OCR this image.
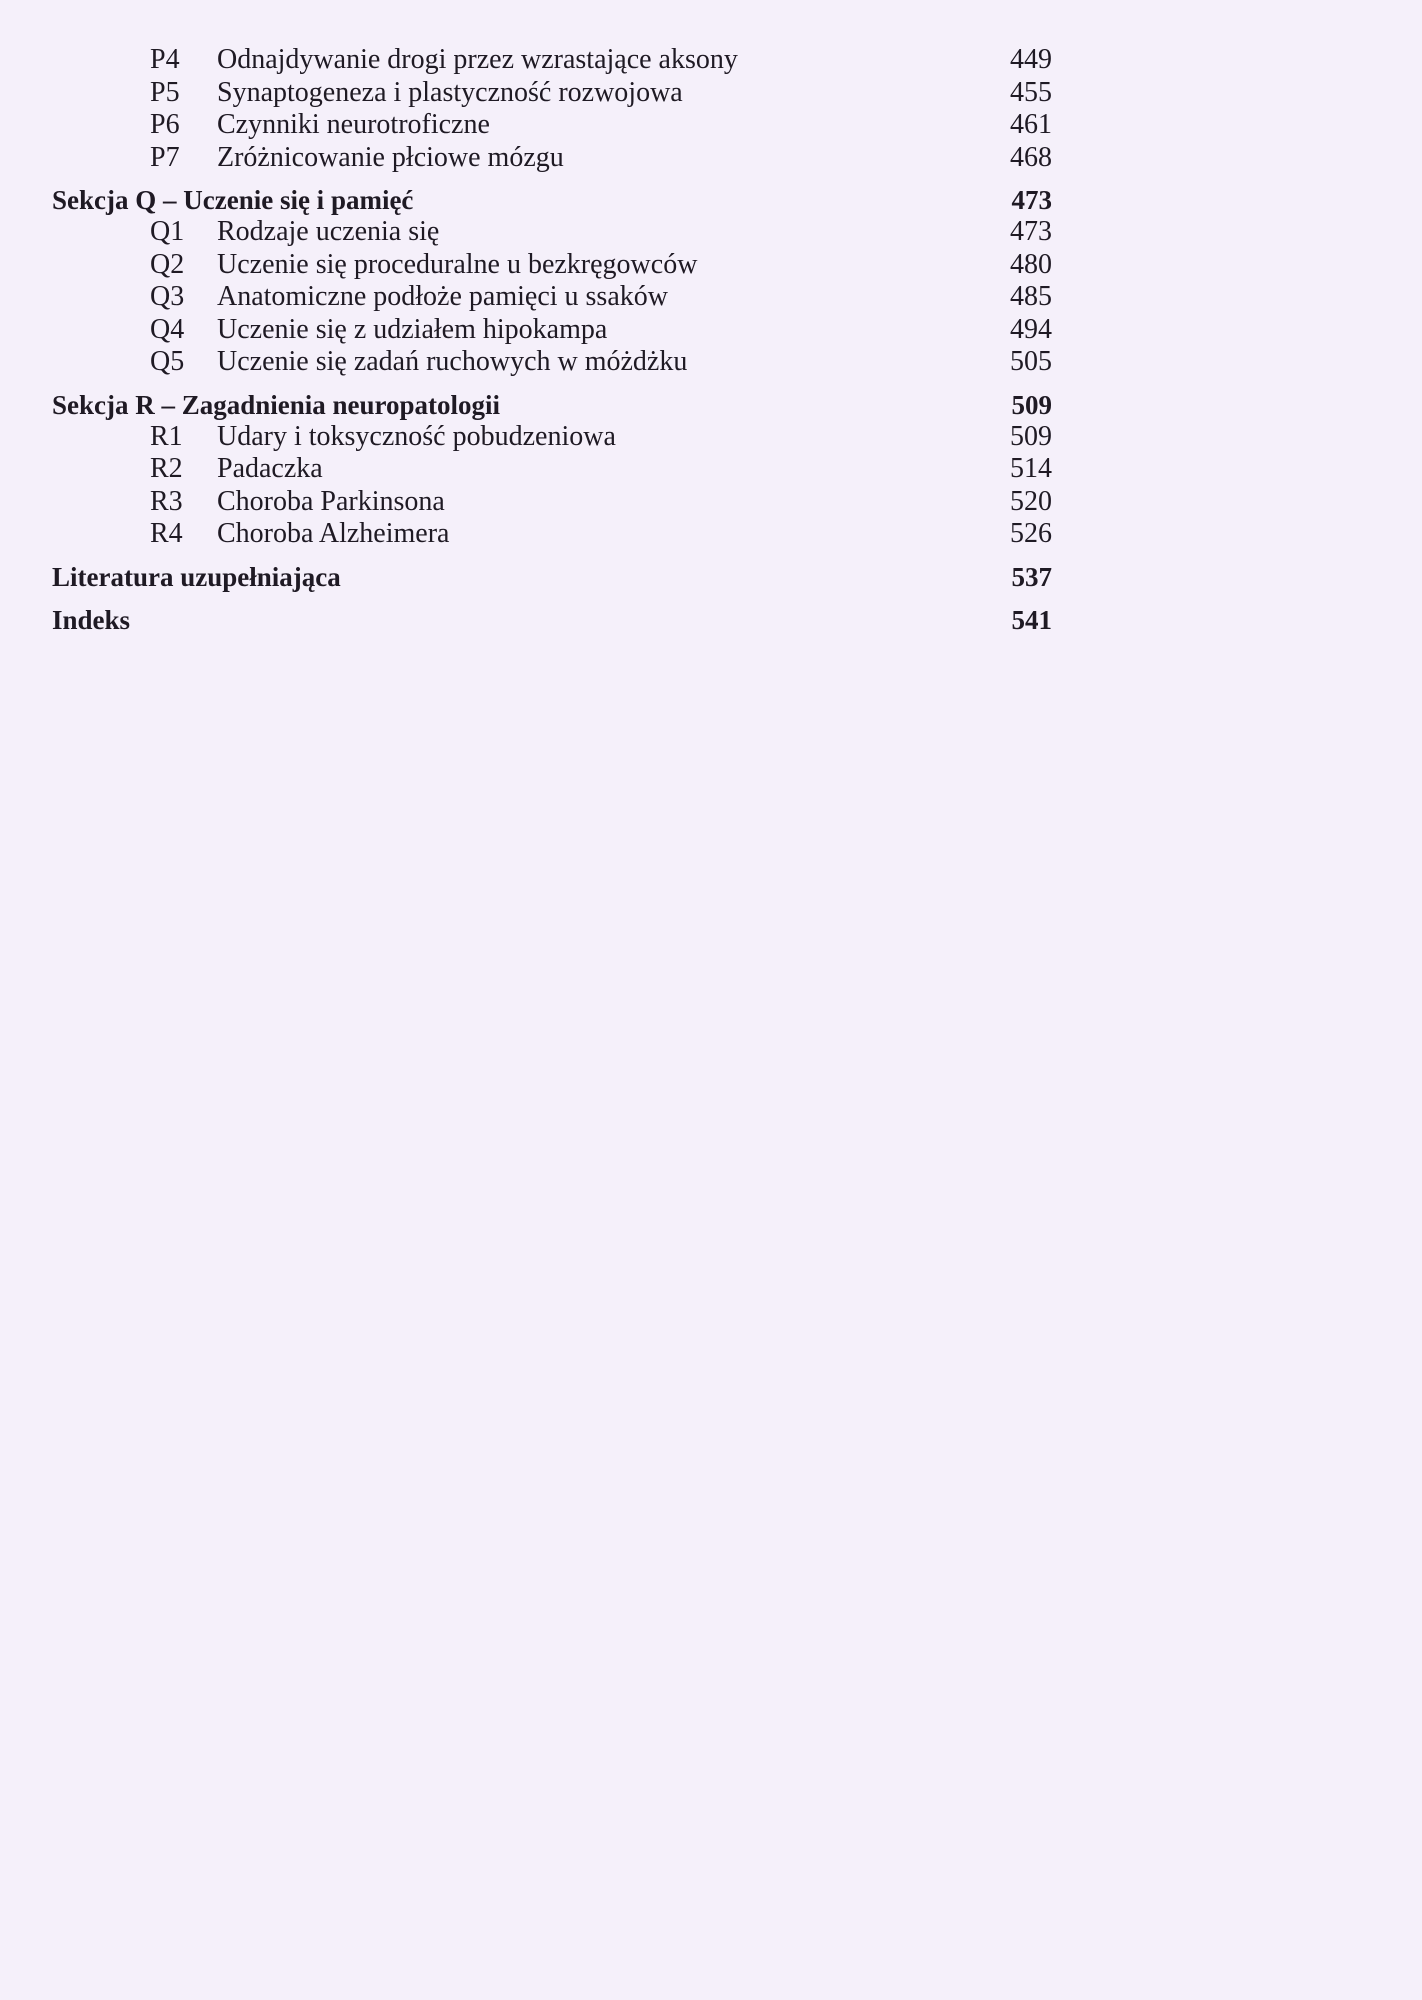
P4 Odnajdywanie drogi przez wzrastające aksony	449
P5 Synaptogeneza i plastyczność rozwojowa	455
P6 Czynniki neurotroficzne	461
P7 Zróżnicowanie płciowe mózgu	468
Sekcja Q – Uczenie się i pamięć	473
Q1 Rodzaje uczenia się	473
Q2 Uczenie się proceduralne u bezkręgowców	480
Q3 Anatomiczne podłoże pamięci u ssaków	485
Q4 Uczenie się z udziałem hipokampa	494
Q5 Uczenie się zadań ruchowych w móżdżku	505
Sekcja R – Zagadnienia neuropatologii	509
R1 Udary i toksyczność pobudzeniowa	509
R2 Padaczka	514
R3 Choroba Parkinsona	520
R4 Choroba Alzheimera	526
Literatura uzupełniająca	537
Indeks	541
